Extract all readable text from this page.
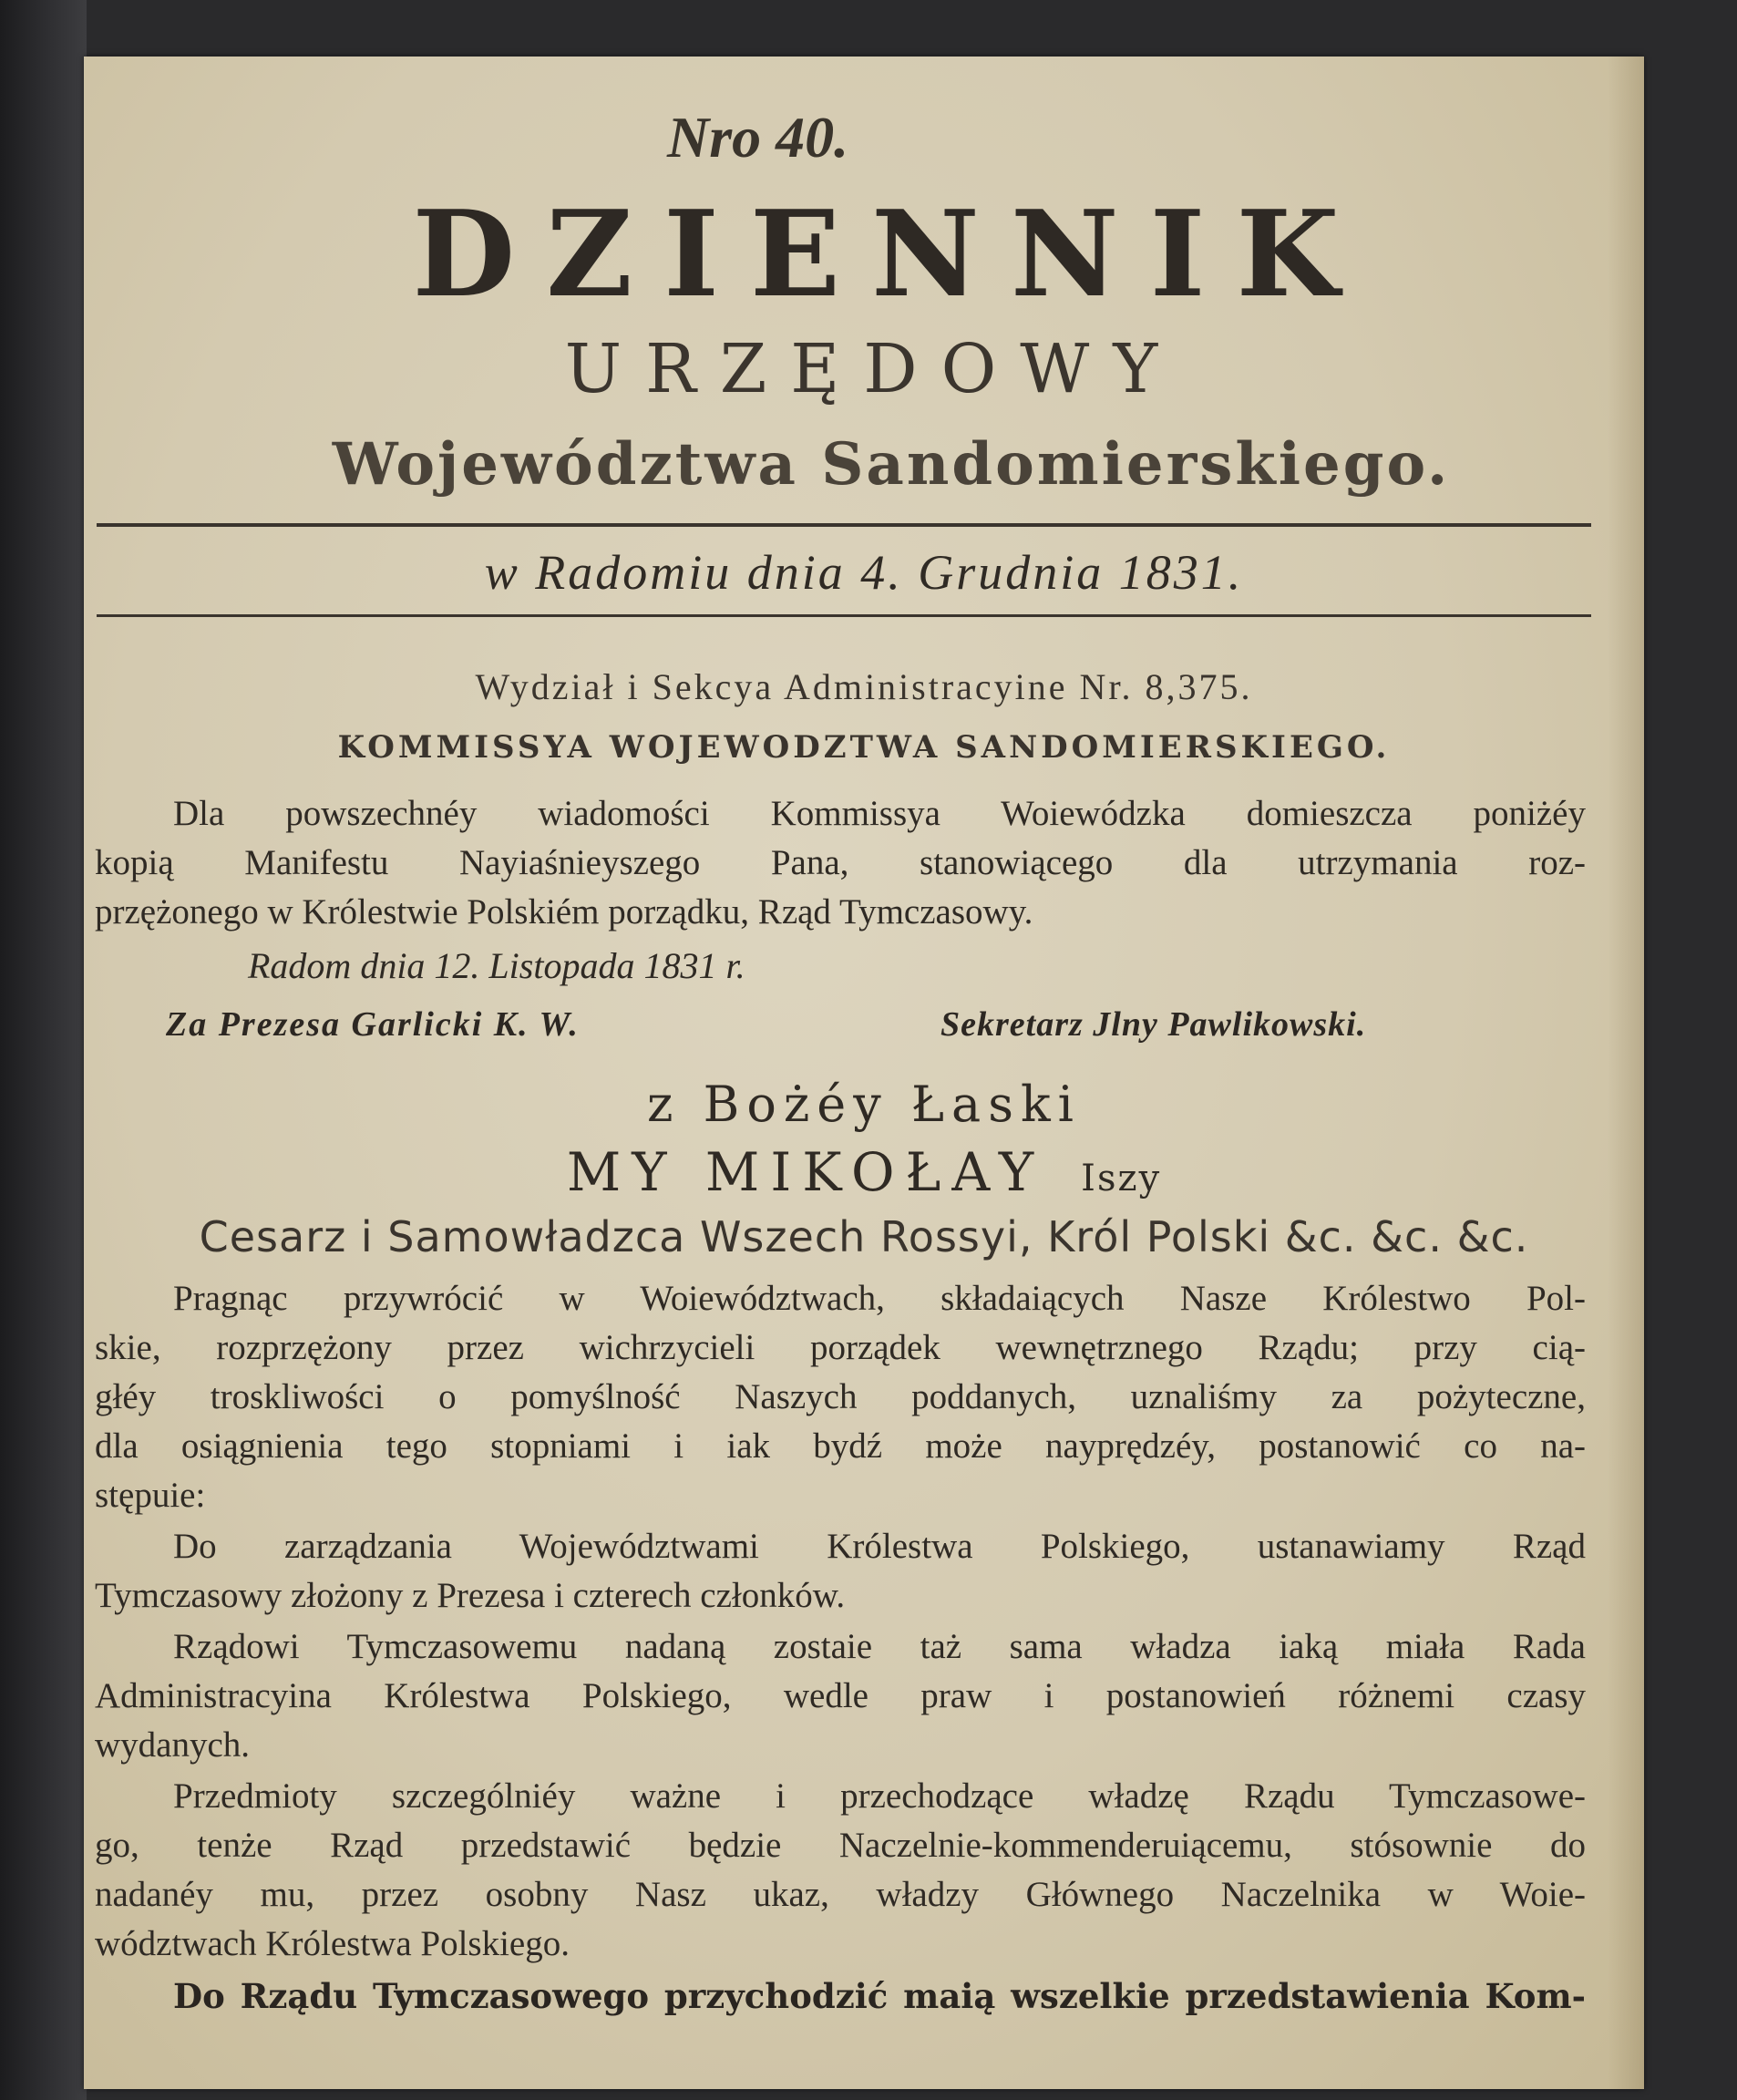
Nro 40.
DZIENNIK
URZĘDOWY
Województwa Sandomierskiego.
w Radomiu dnia 4. Grudnia 1831.
Wydział i Sekcya Administracyine Nr. 8,375.
KOMMISSYA WOJEWODZTWA SANDOMIERSKIEGO.
Dla powszechnéy wiadomości Kommissya Woiewódzka domieszcza poniżéy
kopią Manifestu Nayiaśnieyszego Pana, stanowiącego dla utrzymania roz-
przężonego w Królestwie Polskiém porządku, Rząd Tymczasowy.
Radom dnia 12. Listopada 1831 r.
Za Prezesa Garlicki K. W.	Sekretarz Jlny Pawlikowski.
z Bożéy Łaski
MY MIKOŁAY Iszy
Cesarz i Samowładzca Wszech Rossyi, Król Polski &c. &c. &c.
Pragnąc przywrócić w Woiewództwach, składaiących Nasze Królestwo Pol-
skie, rozprzężony przez wichrzycieli porządek wewnętrznego Rządu; przy cią-
głéy troskliwości o pomyślność Naszych poddanych, uznaliśmy za pożyteczne,
dla osiągnienia tego stopniami i iak bydź może nayprędzéy, postanowić co na-
stępuie:
Do zarządzania Województwami Królestwa Polskiego, ustanawiamy Rząd
Tymczasowy złożony z Prezesa i czterech członków.
Rządowi Tymczasowemu nadaną zostaie taż sama władza iaką miała Rada
Administracyina Królestwa Polskiego, wedle praw i postanowień różnemi czasy
wydanych.
Przedmioty szczególniéy ważne i przechodzące władzę Rządu Tymczasowe-
go, tenże Rząd przedstawić będzie Naczelnie-kommenderuiącemu, stósownie do
nadanéy mu, przez osobny Nasz ukaz, władzy Głównego Naczelnika w Woie-
wództwach Królestwa Polskiego.
Do Rządu Tymczasowego przychodzić maią wszelkie przedstawienia Kom-
